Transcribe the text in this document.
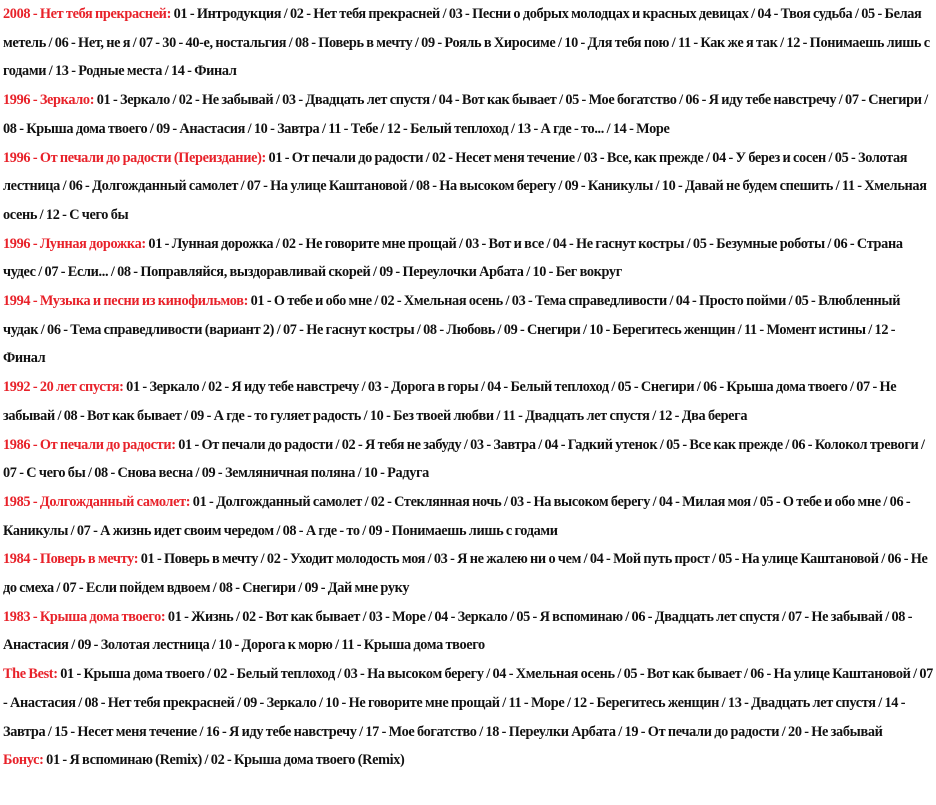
2008 - Нет тебя прекрасней: 01 - Интродукция / 02 - Нет тебя прекрасней / 03 - Песни о добрых молодцах и красных девицах / 04 - Твоя судьба / 05 - Белая метель / 06 - Нет, не я / 07 - 30 - 40-е, ностальгия / 08 - Поверь в мечту / 09 - Рояль в Хиросиме / 10 - Для тебя пою / 11 - Как же я так / 12 - Понимаешь лишь с годами / 13 - Родные места / 14 - Финал

1996 - Зеркало: 01 - Зеркало / 02 - Не забывай / 03 - Двадцать лет спустя / 04 - Вот как бывает / 05 - Мое богатство / 06 - Я иду тебе навстречу / 07 - Снегири / 08 - Крыша дома твоего / 09 - Анастасия / 10 - Завтра / 11 - Тебе / 12 - Белый теплоход / 13 - А где - то... / 14 - Море

1996 - От печали до радости (Переиздание): 01 - От печали до радости / 02 - Несет меня течение / 03 - Все, как прежде / 04 - У берез и сосен / 05 - Золотая лестница / 06 - Долгожданный самолет / 07 - На улице Каштановой / 08 - На высоком берегу / 09 - Каникулы / 10 - Давай не будем спешить / 11 - Хмельная осень / 12 - С чего бы

1996 - Лунная дорожка: 01 - Лунная дорожка / 02 - Не говорите мне прощай / 03 - Вот и все / 04 - Не гаснут костры / 05 - Безумные роботы / 06 - Страна чудес / 07 - Если... / 08 - Поправляйся, выздоравливай скорей / 09 - Переулочки Арбата / 10 - Бег вокруг

1994 - Музыка и песни из кинофильмов: 01 - О тебе и обо мне / 02 - Хмельная осень / 03 - Тема справедливости / 04 - Просто пойми / 05 - Влюбленный чудак / 06 - Тема справедливости (вариант 2) / 07 - Не гаснут костры / 08 - Любовь / 09 - Снегири / 10 - Берегитесь женщин / 11 - Момент истины / 12 - Финал

1992 - 20 лет спустя: 01 - Зеркало / 02 - Я иду тебе навстречу / 03 - Дорога в горы / 04 - Белый теплоход / 05 - Снегири / 06 - Крыша дома твоего / 07 - Не забывай / 08 - Вот как бывает / 09 - А где - то гуляет радость / 10 - Без твоей любви / 11 - Двадцать лет спустя / 12 - Два берега

1986 - От печали до радости: 01 - От печали до радости / 02 - Я тебя не забуду / 03 - Завтра / 04 - Гадкий утенок / 05 - Все как прежде / 06 - Колокол тревоги / 07 - С чего бы / 08 - Снова весна / 09 - Земляничная поляна / 10 - Радуга

1985 - Долгожданный самолет: 01 - Долгожданный самолет / 02 - Стеклянная ночь / 03 - На высоком берегу / 04 - Милая моя / 05 - О тебе и обо мне / 06 - Каникулы / 07 - А жизнь идет своим чередом / 08 - А где - то / 09 - Понимаешь лишь с годами

1984 - Поверь в мечту: 01 - Поверь в мечту / 02 - Уходит молодость моя / 03 - Я не жалею ни о чем / 04 - Мой путь прост / 05 - На улице Каштановой / 06 - Не до смеха / 07 - Если пойдем вдвоем / 08 - Снегири / 09 - Дай мне руку

1983 - Крыша дома твоего: 01 - Жизнь / 02 - Вот как бывает / 03 - Море / 04 - Зеркало / 05 - Я вспоминаю / 06 - Двадцать лет спустя / 07 - Не забывай / 08 - Анастасия / 09 - Золотая лестница / 10 - Дорога к морю / 11 - Крыша дома твоего

The Best: 01 - Крыша дома твоего / 02 - Белый теплоход / 03 - На высоком берегу / 04 - Хмельная осень / 05 - Вот как бывает / 06 - На улице Каштановой / 07 - Анастасия / 08 - Нет тебя прекрасней / 09 - Зеркало / 10 - Не говорите мне прощай / 11 - Море / 12 - Берегитесь женщин / 13 - Двадцать лет спустя / 14 - Завтра / 15 - Несет меня течение / 16 - Я иду тебе навстречу / 17 - Мое богатство / 18 - Переулки Арбата / 19 - От печали до радости / 20 - Не забывай

Бонус: 01 - Я вспоминаю (Remix) / 02 - Крыша дома твоего (Remix)
